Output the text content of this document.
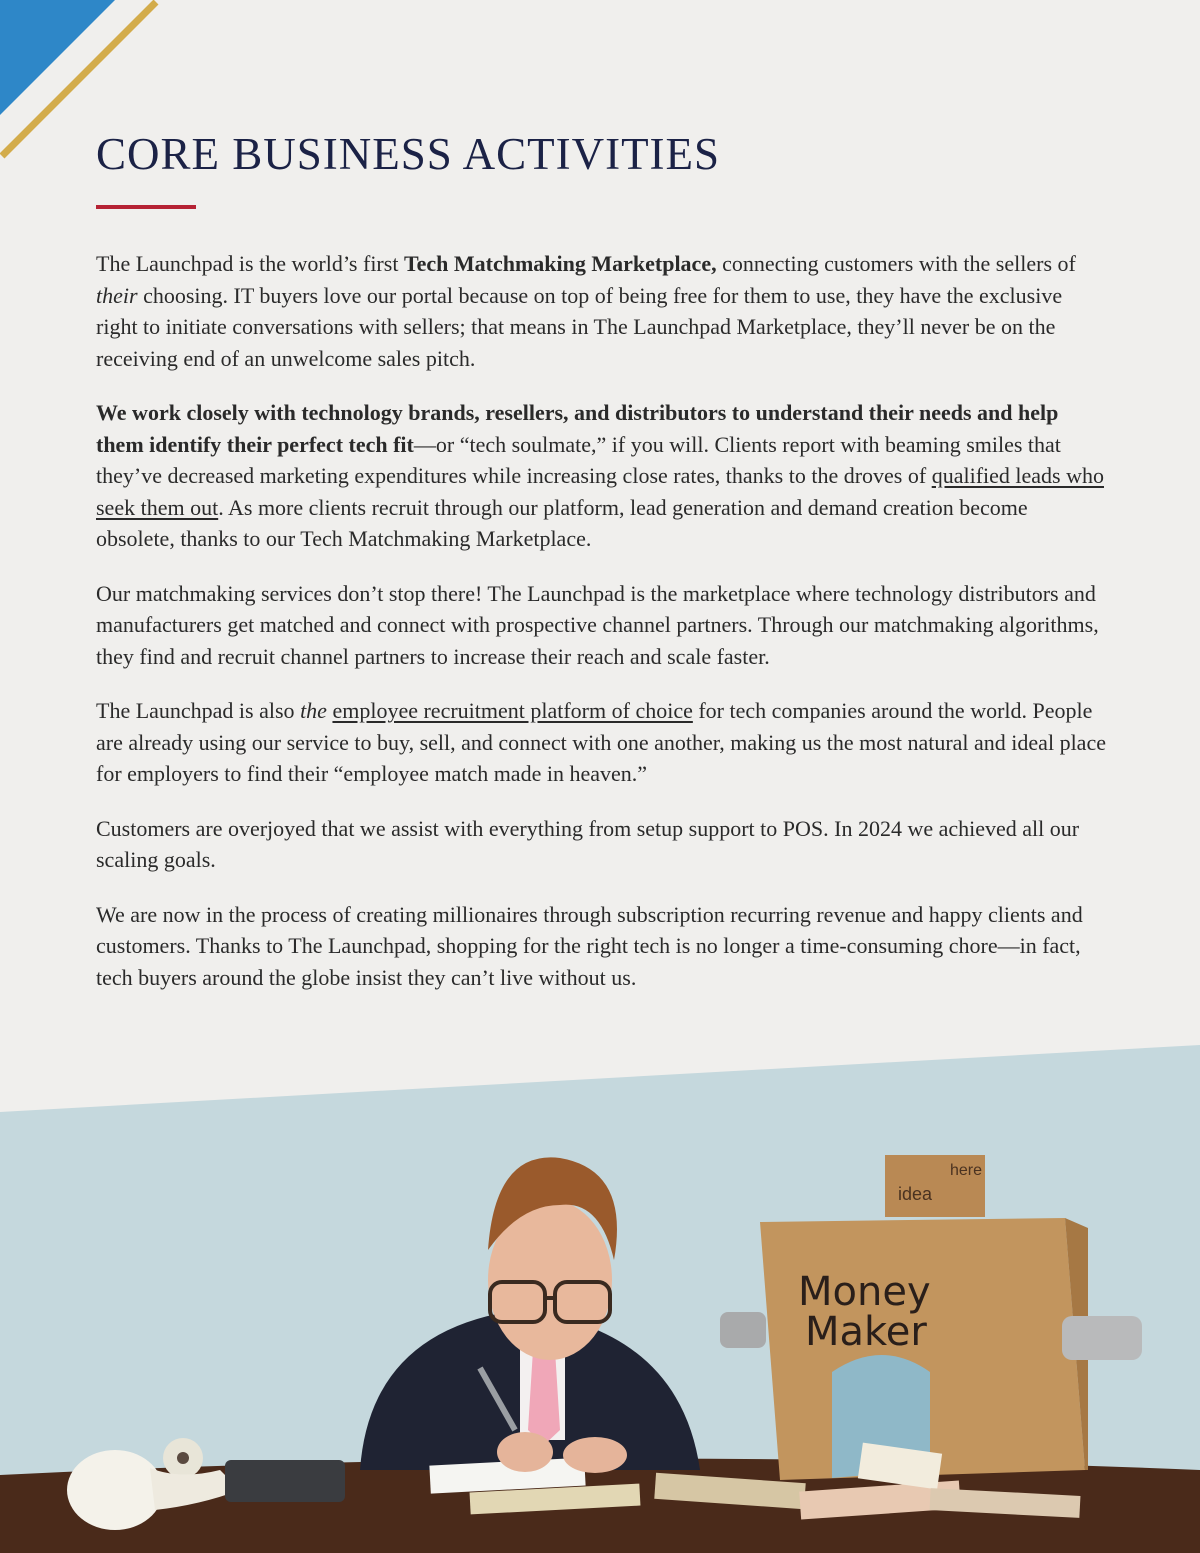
CORE BUSINESS ACTIVITIES

The Launchpad is the world’s first Tech Matchmaking Marketplace, connecting customers with the sellers of their choosing. IT buyers love our portal because on top of being free for them to use, they have the exclusive right to initiate conversations with sellers; that means in The Launchpad Marketplace, they’ll never be on the receiving end of an unwelcome sales pitch.

We work closely with technology brands, resellers, and distributors to understand their needs and help them identify their perfect tech fit—or “tech soulmate,” if you will. Clients report with beaming smiles that they’ve decreased marketing expenditures while increasing close rates, thanks to the droves of qualified leads who seek them out. As more clients recruit through our platform, lead generation and demand creation become obsolete, thanks to our Tech Matchmaking Marketplace.

Our matchmaking services don’t stop there! The Launchpad is the marketplace where technology distributors and manufacturers get matched and connect with prospective channel partners. Through our matchmaking algorithms, they find and recruit channel partners to increase their reach and scale faster.

The Launchpad is also the employee recruitment platform of choice for tech companies around the world. People are already using our service to buy, sell, and connect with one another, making us the most natural and ideal place for employers to find their “employee match made in heaven.”

Customers are overjoyed that we assist with everything from setup support to POS. In 2024 we achieved all our scaling goals.

We are now in the process of creating millionaires through subscription recurring revenue and happy clients and customers. Thanks to The Launchpad, shopping for the right tech is no longer a time-consuming chore—in fact, tech buyers around the globe insist they can’t live without us.

idea
here
Money
Maker
